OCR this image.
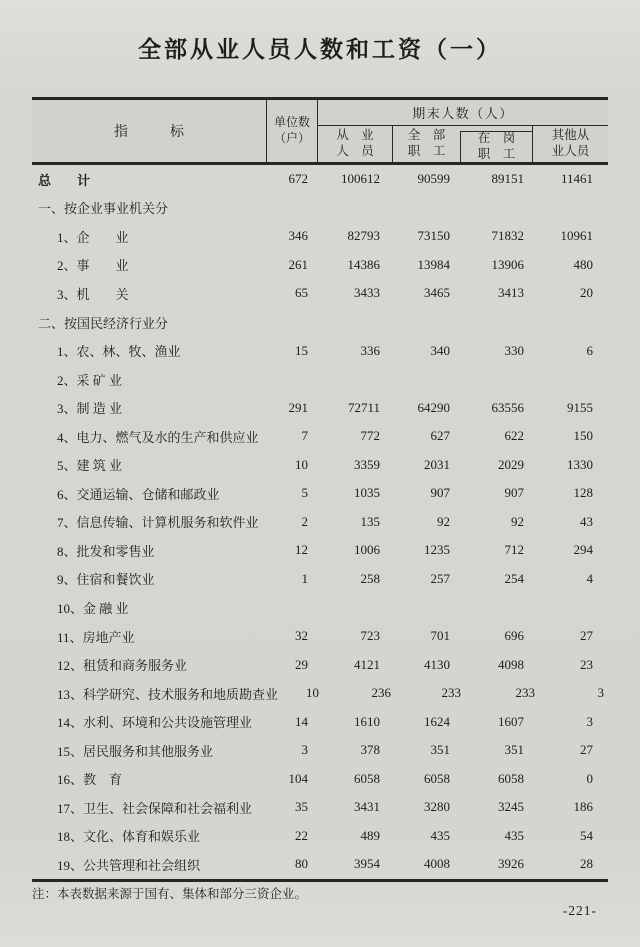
全部从业人员人数和工资（一）
指　　　标
单位数
（户）
期末人数（人）
从　业
人　员
全　部
职　工
在　岗
职　工
其他从
业人员
总　　计	672	100612	90599	89151	11461
一、按企业事业机关分
1、企　　业	346	82793	73150	71832	10961
2、事　　业	261	14386	13984	13906	480
3、机　　关	65	3433	3465	3413	20
二、按国民经济行业分
1、农、林、牧、渔业	15	336	340	330	6
2、采 矿 业
3、制 造 业	291	72711	64290	63556	9155
4、电力、燃气及水的生产和供应业	7	772	627	622	150
5、建 筑 业	10	3359	2031	2029	1330
6、交通运输、仓储和邮政业	5	1035	907	907	128
7、信息传输、计算机服务和软件业	2	135	92	92	43
8、批发和零售业	12	1006	1235	712	294
9、住宿和餐饮业	1	258	257	254	4
10、金 融 业
11、房地产业	32	723	701	696	27
12、租赁和商务服务业	29	4121	4130	4098	23
13、科学研究、技术服务和地质勘查业	10	236	233	233	3
14、水利、环境和公共设施管理业	14	1610	1624	1607	3
15、居民服务和其他服务业	3	378	351	351	27
16、教　育	104	6058	6058	6058	0
17、卫生、社会保障和社会福利业	35	3431	3280	3245	186
18、文化、体育和娱乐业	22	489	435	435	54
19、公共管理和社会组织	80	3954	4008	3926	28
注：本表数据来源于国有、集体和部分三资企业。
-221-
